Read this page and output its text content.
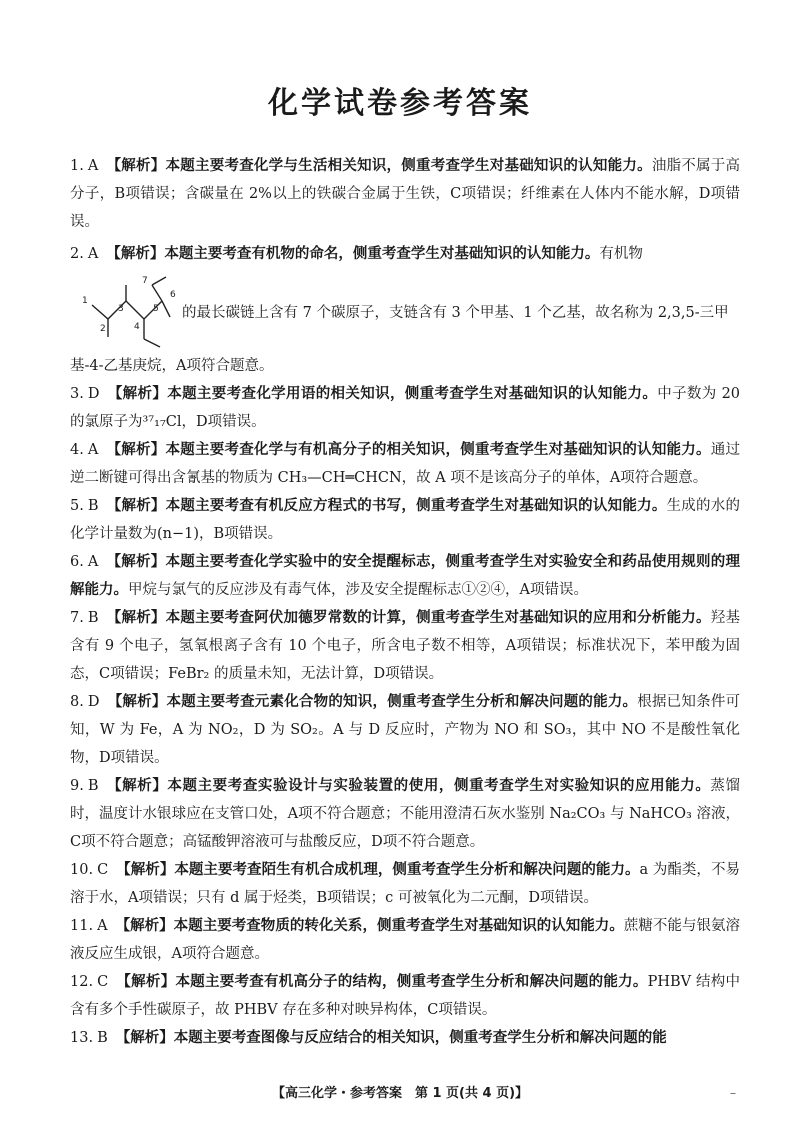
化学试卷参考答案

1. A 【解析】本题主要考查化学与生活相关知识，侧重考查学生对基础知识的认知能力。油脂不属于高分子，B项错误；含碳量在 2%以上的铁碳合金属于生铁，C项错误；纤维素在人体内不能水解，D项错误。

2. A 【解析】本题主要考查有机物的命名，侧重考查学生对基础知识的认知能力。有机物

1
2
3
4
5
6
7
的最长碳链上含有 7 个碳原子，支链含有 3 个甲基、1 个乙基，故名称为 2,3,5-三甲

基-4-乙基庚烷，A项符合题意。

3. D 【解析】本题主要考查化学用语的相关知识，侧重考查学生对基础知识的认知能力。中子数为 20 的氯原子为³⁷₁₇Cl，D项错误。

4. A 【解析】本题主要考查化学与有机高分子的相关知识，侧重考查学生对基础知识的认知能力。通过逆二断键可得出含氰基的物质为 CH₃—CH═CHCN，故 A 项不是该高分子的单体，A项符合题意。

5. B 【解析】本题主要考查有机反应方程式的书写，侧重考查学生对基础知识的认知能力。生成的水的化学计量数为(n−1)，B项错误。

6. A 【解析】本题主要考查化学实验中的安全提醒标志，侧重考查学生对实验安全和药品使用规则的理解能力。甲烷与氯气的反应涉及有毒气体，涉及安全提醒标志①②④，A项错误。

7. B 【解析】本题主要考查阿伏加德罗常数的计算，侧重考查学生对基础知识的应用和分析能力。羟基含有 9 个电子，氢氧根离子含有 10 个电子，所含电子数不相等，A项错误；标准状况下，苯甲酸为固态，C项错误；FeBr₂ 的质量未知，无法计算，D项错误。

8. D 【解析】本题主要考查元素化合物的知识，侧重考查学生分析和解决问题的能力。根据已知条件可知，W 为 Fe，A 为 NO₂，D 为 SO₂。A 与 D 反应时，产物为 NO 和 SO₃，其中 NO 不是酸性氧化物，D项错误。

9. B 【解析】本题主要考查实验设计与实验装置的使用，侧重考查学生对实验知识的应用能力。蒸馏时，温度计水银球应在支管口处，A项不符合题意；不能用澄清石灰水鉴别 Na₂CO₃ 与 NaHCO₃ 溶液，C项不符合题意；高锰酸钾溶液可与盐酸反应，D项不符合题意。

10. C 【解析】本题主要考查陌生有机合成机理，侧重考查学生分析和解决问题的能力。a 为酯类，不易溶于水，A项错误；只有 d 属于烃类，B项错误；c 可被氧化为二元酮，D项错误。

11. A 【解析】本题主要考查物质的转化关系，侧重考查学生对基础知识的认知能力。蔗糖不能与银氨溶液反应生成银，A项符合题意。

12. C 【解析】本题主要考查有机高分子的结构，侧重考查学生分析和解决问题的能力。PHBV 结构中含有多个手性碳原子，故 PHBV 存在多种对映异构体，C项错误。

13. B 【解析】本题主要考查图像与反应结合的相关知识，侧重考查学生分析和解决问题的能

【高三化学・参考答案　第 1 页(共 4 页)】	–
